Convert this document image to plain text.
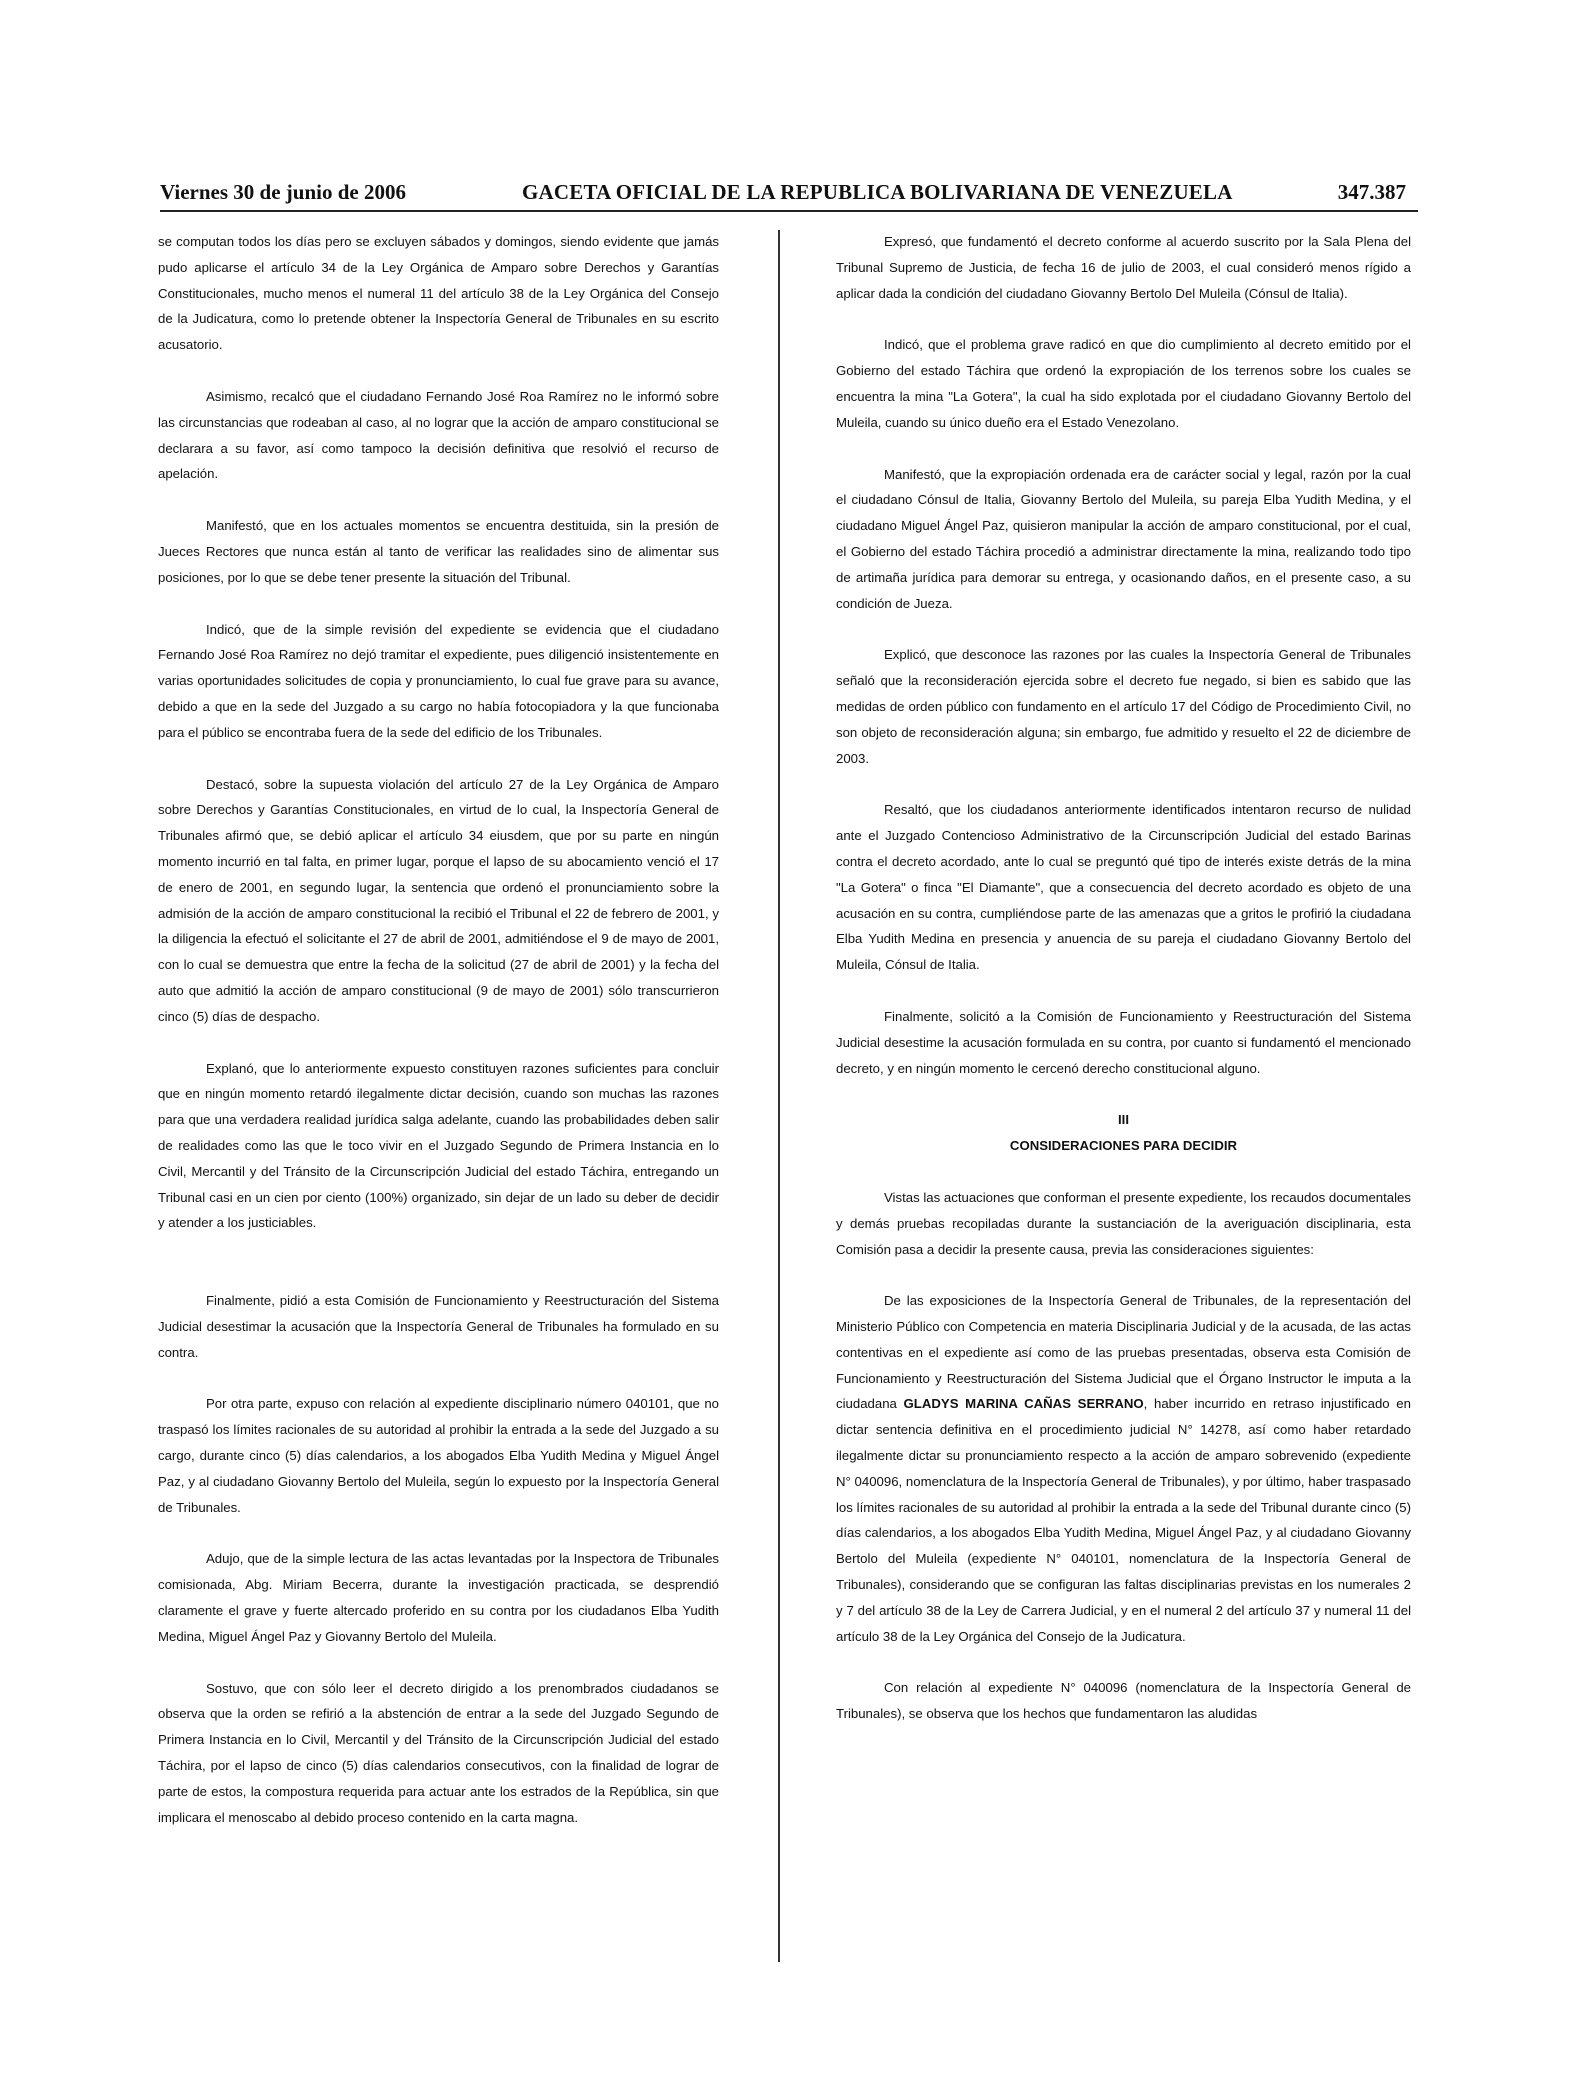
Viernes 30 de junio de 2006	GACETA OFICIAL DE LA REPUBLICA BOLIVARIANA DE VENEZUELA	347.387

se computan todos los días pero se excluyen sábados y domingos, siendo evidente que jamás pudo aplicarse el artículo 34 de la Ley Orgánica de Amparo sobre Derechos y Garantías Constitucionales, mucho menos el numeral 11 del artículo 38 de la Ley Orgánica del Consejo de la Judicatura, como lo pretende obtener la Inspectoría General de Tribunales en su escrito acusatorio.

Asimismo, recalcó que el ciudadano Fernando José Roa Ramírez no le informó sobre las circunstancias que rodeaban al caso, al no lograr que la acción de amparo constitucional se declarara a su favor, así como tampoco la decisión definitiva que resolvió el recurso de apelación.

Manifestó, que en los actuales momentos se encuentra destituida, sin la presión de Jueces Rectores que nunca están al tanto de verificar las realidades sino de alimentar sus posiciones, por lo que se debe tener presente la situación del Tribunal.

Indicó, que de la simple revisión del expediente se evidencia que el ciudadano Fernando José Roa Ramírez no dejó tramitar el expediente, pues diligenció insistentemente en varias oportunidades solicitudes de copia y pronunciamiento, lo cual fue grave para su avance, debido a que en la sede del Juzgado a su cargo no había fotocopiadora y la que funcionaba para el público se encontraba fuera de la sede del edificio de los Tribunales.

Destacó, sobre la supuesta violación del artículo 27 de la Ley Orgánica de Amparo sobre Derechos y Garantías Constitucionales, en virtud de lo cual, la Inspectoría General de Tribunales afirmó que, se debió aplicar el artículo 34 eiusdem, que por su parte en ningún momento incurrió en tal falta, en primer lugar, porque el lapso de su abocamiento venció el 17 de enero de 2001, en segundo lugar, la sentencia que ordenó el pronunciamiento sobre la admisión de la acción de amparo constitucional la recibió el Tribunal el 22 de febrero de 2001, y la diligencia la efectuó el solicitante el 27 de abril de 2001, admitiéndose el 9 de mayo de 2001, con lo cual se demuestra que entre la fecha de la solicitud (27 de abril de 2001) y la fecha del auto que admitió la acción de amparo constitucional (9 de mayo de 2001) sólo transcurrieron cinco (5) días de despacho.

Explanó, que lo anteriormente expuesto constituyen razones suficientes para concluir que en ningún momento retardó ilegalmente dictar decisión, cuando son muchas las razones para que una verdadera realidad jurídica salga adelante, cuando las probabilidades deben salir de realidades como las que le toco vivir en el Juzgado Segundo de Primera Instancia en lo Civil, Mercantil y del Tránsito de la Circunscripción Judicial del estado Táchira, entregando un Tribunal casi en un cien por ciento (100%) organizado, sin dejar de un lado su deber de decidir y atender a los justiciables.

Finalmente, pidió a esta Comisión de Funcionamiento y Reestructuración del Sistema Judicial desestimar la acusación que la Inspectoría General de Tribunales ha formulado en su contra.

Por otra parte, expuso con relación al expediente disciplinario número 040101, que no traspasó los límites racionales de su autoridad al prohibir la entrada a la sede del Juzgado a su cargo, durante cinco (5) días calendarios, a los abogados Elba Yudith Medina y Miguel Ángel Paz, y al ciudadano Giovanny Bertolo del Muleila, según lo expuesto por la Inspectoría General de Tribunales.

Adujo, que de la simple lectura de las actas levantadas por la Inspectora de Tribunales comisionada, Abg. Miriam Becerra, durante la investigación practicada, se desprendió claramente el grave y fuerte altercado proferido en su contra por los ciudadanos Elba Yudith Medina, Miguel Ángel Paz y Giovanny Bertolo del Muleila.

Sostuvo, que con sólo leer el decreto dirigido a los prenombrados ciudadanos se observa que la orden se refirió a la abstención de entrar a la sede del Juzgado Segundo de Primera Instancia en lo Civil, Mercantil y del Tránsito de la Circunscripción Judicial del estado Táchira, por el lapso de cinco (5) días calendarios consecutivos, con la finalidad de lograr de parte de estos, la compostura requerida para actuar ante los estrados de la República, sin que implicara el menoscabo al debido proceso contenido en la carta magna.

Expresó, que fundamentó el decreto conforme al acuerdo suscrito por la Sala Plena del Tribunal Supremo de Justicia, de fecha 16 de julio de 2003, el cual consideró menos rígido a aplicar dada la condición del ciudadano Giovanny Bertolo Del Muleila (Cónsul de Italia).

Indicó, que el problema grave radicó en que dio cumplimiento al decreto emitido por el Gobierno del estado Táchira que ordenó la expropiación de los terrenos sobre los cuales se encuentra la mina "La Gotera", la cual ha sido explotada por el ciudadano Giovanny Bertolo del Muleila, cuando su único dueño era el Estado Venezolano.

Manifestó, que la expropiación ordenada era de carácter social y legal, razón por la cual el ciudadano Cónsul de Italia, Giovanny Bertolo del Muleila, su pareja Elba Yudith Medina, y el ciudadano Miguel Ángel Paz, quisieron manipular la acción de amparo constitucional, por el cual, el Gobierno del estado Táchira procedió a administrar directamente la mina, realizando todo tipo de artimaña jurídica para demorar su entrega, y ocasionando daños, en el presente caso, a su condición de Jueza.

Explicó, que desconoce las razones por las cuales la Inspectoría General de Tribunales señaló que la reconsideración ejercida sobre el decreto fue negado, si bien es sabido que las medidas de orden público con fundamento en el artículo 17 del Código de Procedimiento Civil, no son objeto de reconsideración alguna; sin embargo, fue admitido y resuelto el 22 de diciembre de 2003.

Resaltó, que los ciudadanos anteriormente identificados intentaron recurso de nulidad ante el Juzgado Contencioso Administrativo de la Circunscripción Judicial del estado Barinas contra el decreto acordado, ante lo cual se preguntó qué tipo de interés existe detrás de la mina "La Gotera" o finca "El Diamante", que a consecuencia del decreto acordado es objeto de una acusación en su contra, cumpliéndose parte de las amenazas que a gritos le profirió la ciudadana Elba Yudith Medina en presencia y anuencia de su pareja el ciudadano Giovanny Bertolo del Muleila, Cónsul de Italia.

Finalmente, solicitó a la Comisión de Funcionamiento y Reestructuración del Sistema Judicial desestime la acusación formulada en su contra, por cuanto si fundamentó el mencionado decreto, y en ningún momento le cercenó derecho constitucional alguno.

III

CONSIDERACIONES PARA DECIDIR

Vistas las actuaciones que conforman el presente expediente, los recaudos documentales y demás pruebas recopiladas durante la sustanciación de la averiguación disciplinaria, esta Comisión pasa a decidir la presente causa, previa las consideraciones siguientes:

De las exposiciones de la Inspectoría General de Tribunales, de la representación del Ministerio Público con Competencia en materia Disciplinaria Judicial y de la acusada, de las actas contentivas en el expediente así como de las pruebas presentadas, observa esta Comisión de Funcionamiento y Reestructuración del Sistema Judicial que el Órgano Instructor le imputa a la ciudadana GLADYS MARINA CAÑAS SERRANO, haber incurrido en retraso injustificado en dictar sentencia definitiva en el procedimiento judicial N° 14278, así como haber retardado ilegalmente dictar su pronunciamiento respecto a la acción de amparo sobrevenido (expediente N° 040096, nomenclatura de la Inspectoría General de Tribunales), y por último, haber traspasado los límites racionales de su autoridad al prohibir la entrada a la sede del Tribunal durante cinco (5) días calendarios, a los abogados Elba Yudith Medina, Miguel Ángel Paz, y al ciudadano Giovanny Bertolo del Muleila (expediente N° 040101, nomenclatura de la Inspectoría General de Tribunales), considerando que se configuran las faltas disciplinarias previstas en los numerales 2 y 7 del artículo 38 de la Ley de Carrera Judicial, y en el numeral 2 del artículo 37 y numeral 11 del artículo 38 de la Ley Orgánica del Consejo de la Judicatura.

Con relación al expediente N° 040096 (nomenclatura de la Inspectoría General de Tribunales), se observa que los hechos que fundamentaron las aludidas
